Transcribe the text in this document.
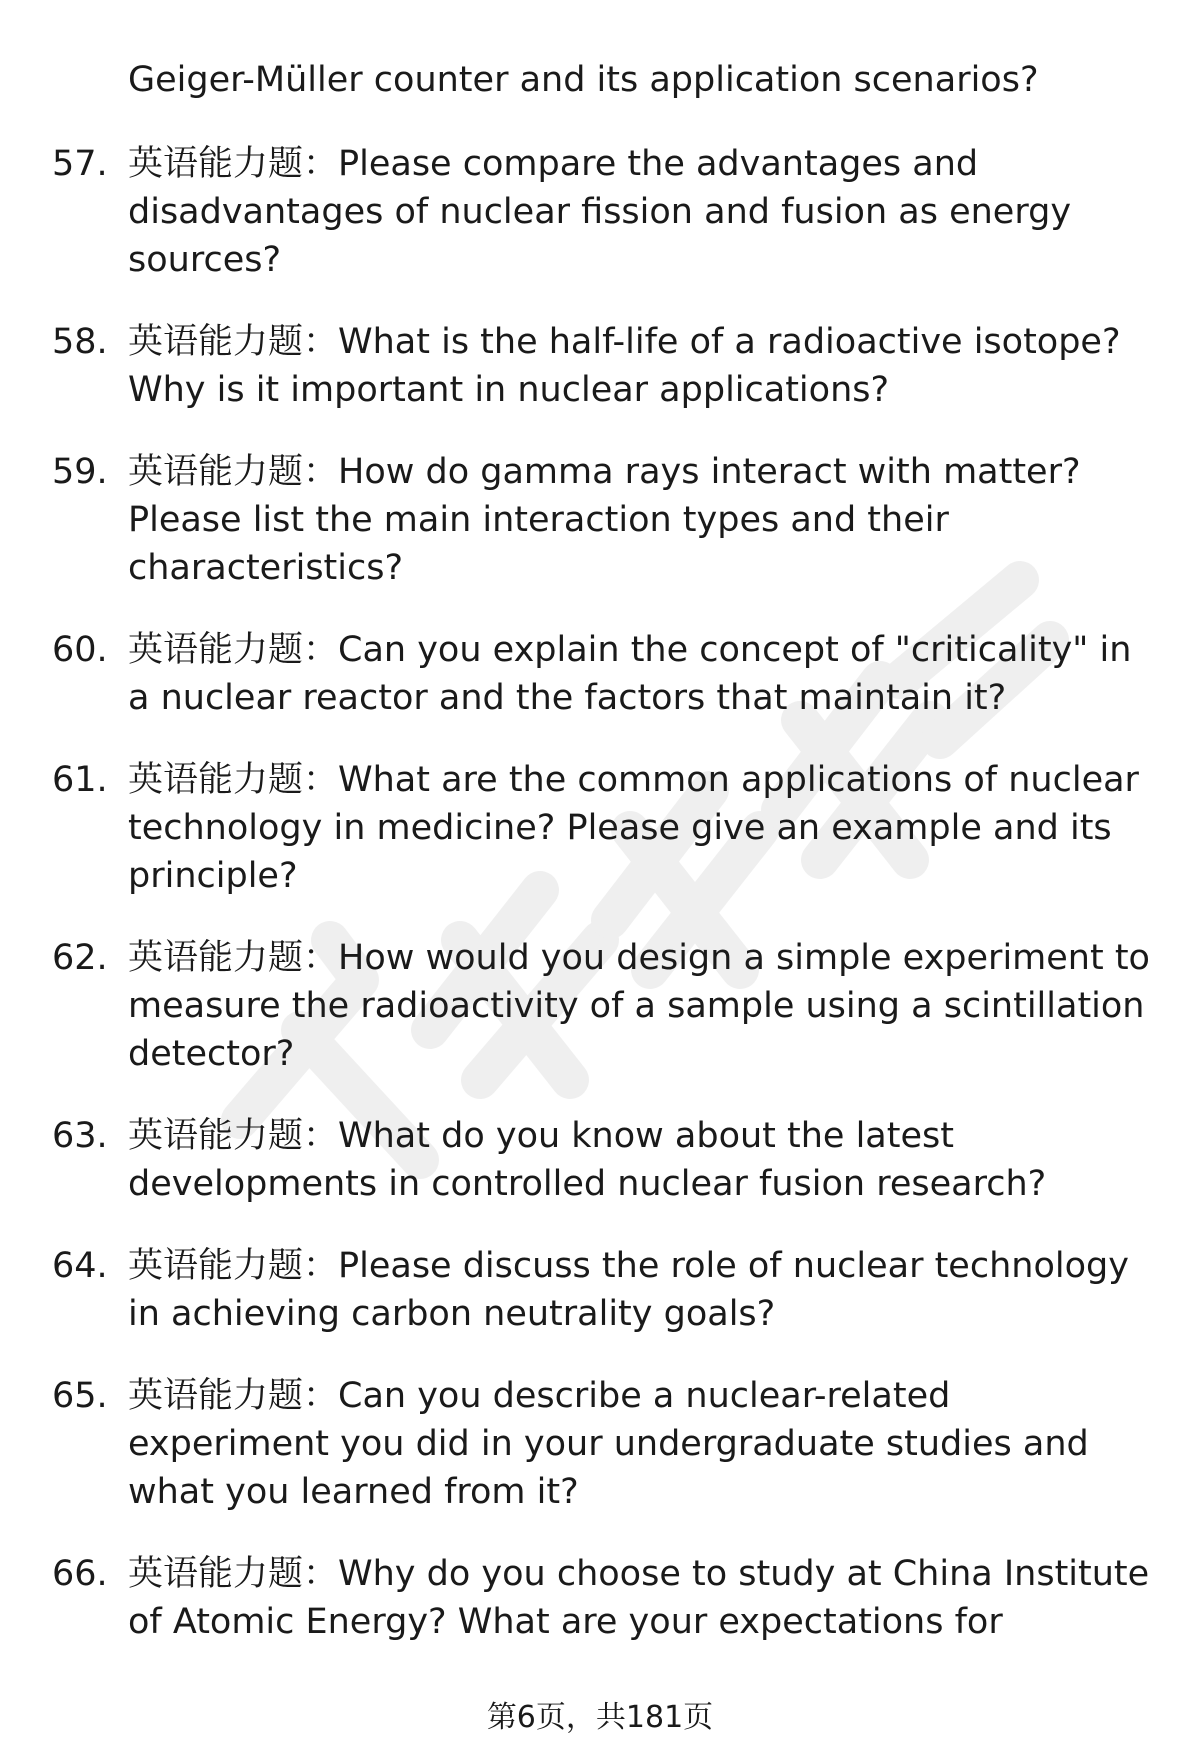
Geiger-Müller counter and its application scenarios?
57. 英语能力题：Please compare the advantages and disadvantages of nuclear fission and fusion as energy sources?
58. 英语能力题：What is the half-life of a radioactive isotope? Why is it important in nuclear applications?
59. 英语能力题：How do gamma rays interact with matter? Please list the main interaction types and their characteristics?
60. 英语能力题：Can you explain the concept of "criticality" in a nuclear reactor and the factors that maintain it?
61. 英语能力题：What are the common applications of nuclear technology in medicine? Please give an example and its principle?
62. 英语能力题：How would you design a simple experiment to measure the radioactivity of a sample using a scintillation detector?
63. 英语能力题：What do you know about the latest developments in controlled nuclear fusion research?
64. 英语能力题：Please discuss the role of nuclear technology in achieving carbon neutrality goals?
65. 英语能力题：Can you describe a nuclear-related experiment you did in your undergraduate studies and what you learned from it?
66. 英语能力题：Why do you choose to study at China Institute of Atomic Energy? What are your expectations for
第6页，共181页
